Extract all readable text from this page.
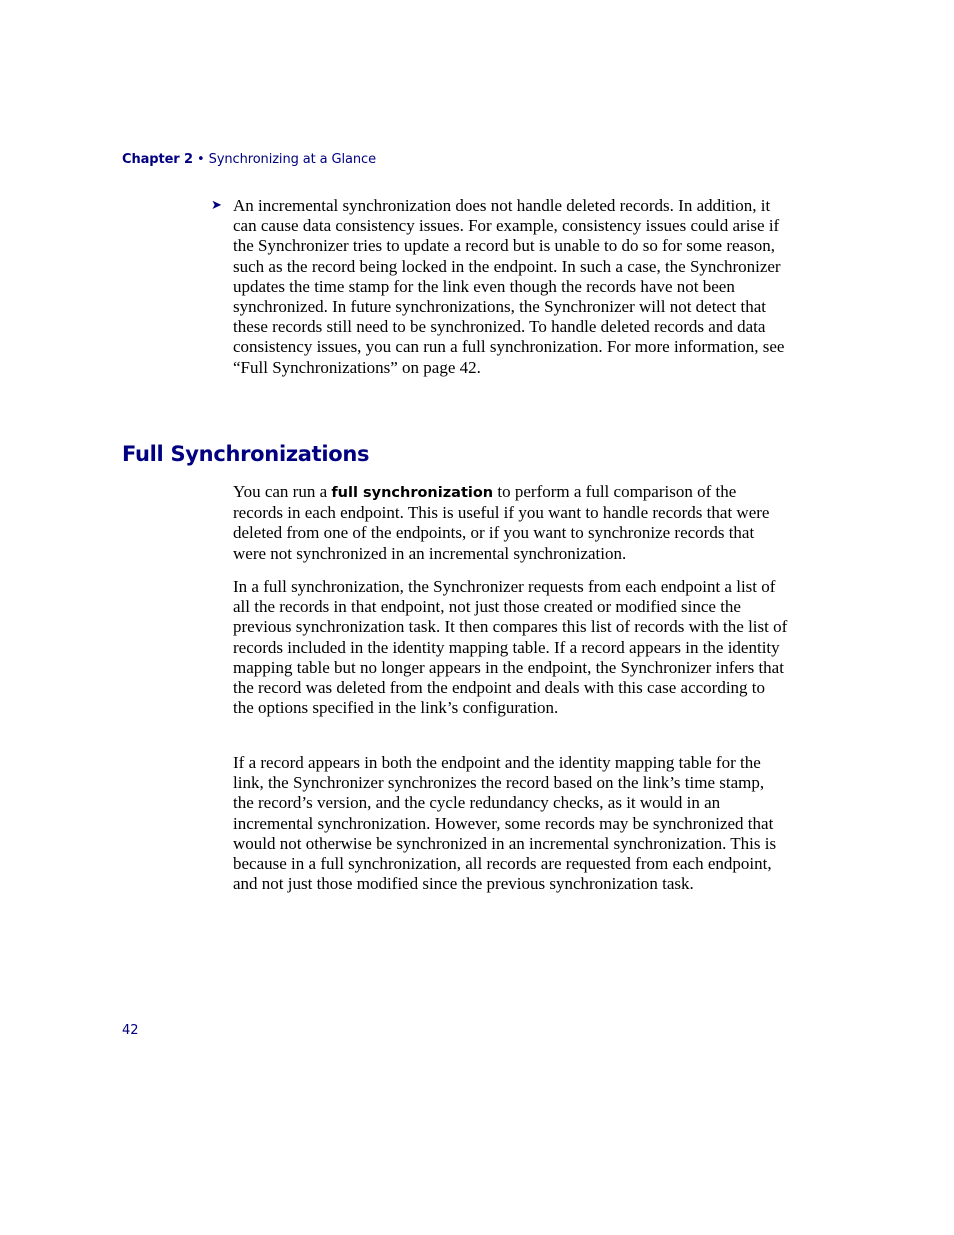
Chapter 2 • Synchronizing at a Glance
➤ An incremental synchronization does not handle deleted records. In addition, it can cause data consistency issues. For example, consistency issues could arise if the Synchronizer tries to update a record but is unable to do so for some reason, such as the record being locked in the endpoint. In such a case, the Synchronizer updates the time stamp for the link even though the records have not been synchronized. In future synchronizations, the Synchronizer will not detect that these records still need to be synchronized. To handle deleted records and data consistency issues, you can run a full synchronization. For more information, see “Full Synchronizations” on page 42.
Full Synchronizations

You can run a full synchronization to perform a full comparison of the records in each endpoint. This is useful if you want to handle records that were deleted from one of the endpoints, or if you want to synchronize records that were not synchronized in an incremental synchronization.

In a full synchronization, the Synchronizer requests from each endpoint a list of all the records in that endpoint, not just those created or modified since the previous synchronization task. It then compares this list of records with the list of records included in the identity mapping table. If a record appears in the identity mapping table but no longer appears in the endpoint, the Synchronizer infers that the record was deleted from the endpoint and deals with this case according to the options specified in the link’s configuration.

If a record appears in both the endpoint and the identity mapping table for the link, the Synchronizer synchronizes the record based on the link’s time stamp, the record’s version, and the cycle redundancy checks, as it would in an incremental synchronization. However, some records may be synchronized that would not otherwise be synchronized in an incremental synchronization. This is because in a full synchronization, all records are requested from each endpoint, and not just those modified since the previous synchronization task.

42
